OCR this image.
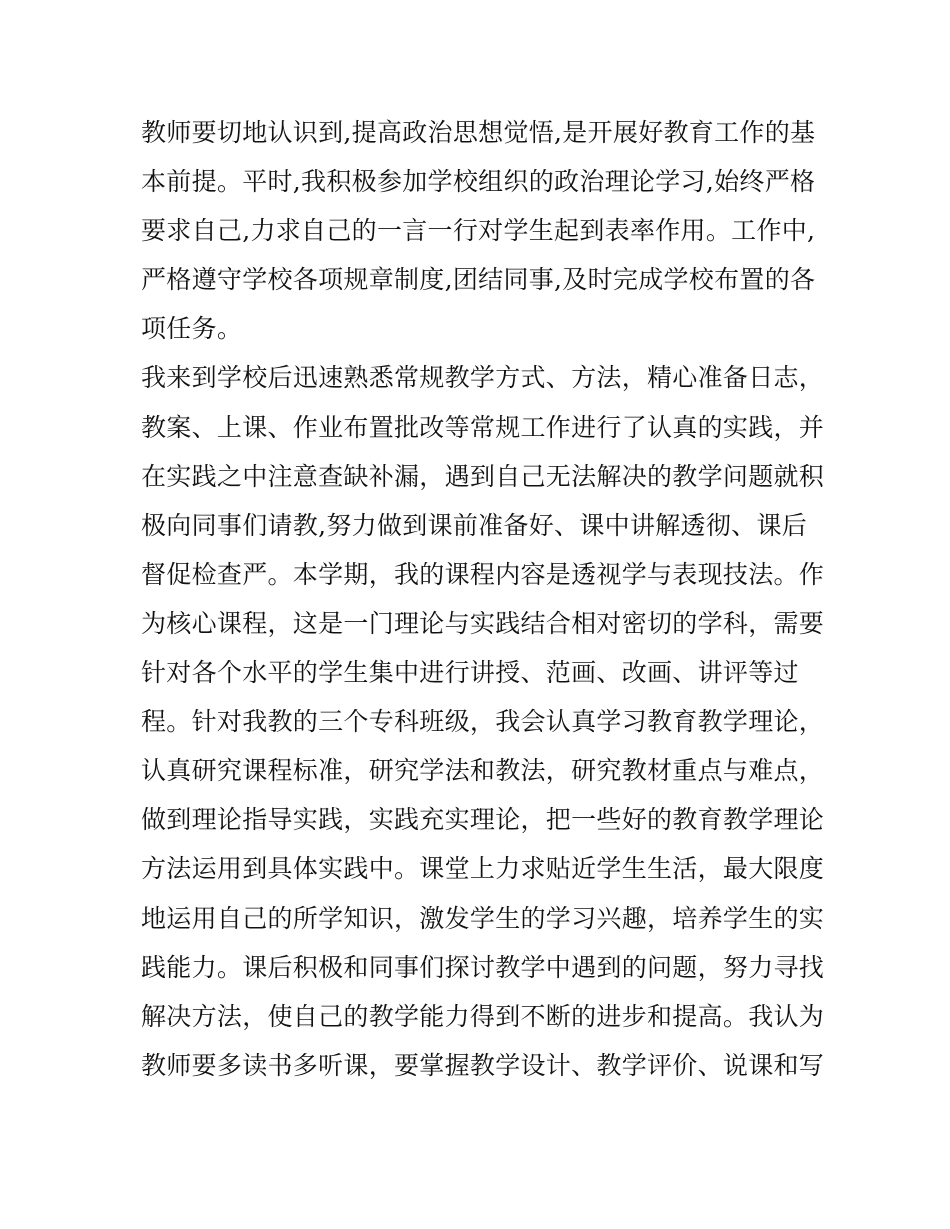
教师要切地认识到,提高政治思想觉悟,是开展好教育工作的基
本前提。平时,我积极参加学校组织的政治理论学习,始终严格
要求自己,力求自己的一言一行对学生起到表率作用。工作中,
严格遵守学校各项规章制度,团结同事,及时完成学校布置的各
项任务。
我来到学校后迅速熟悉常规教学方式、方法，精心准备日志，
教案、上课、作业布置批改等常规工作进行了认真的实践，并
在实践之中注意查缺补漏，遇到自己无法解决的教学问题就积
极向同事们请教,努力做到课前准备好、课中讲解透彻、课后
督促检查严。本学期，我的课程内容是透视学与表现技法。作
为核心课程，这是一门理论与实践结合相对密切的学科，需要
针对各个水平的学生集中进行讲授、范画、改画、讲评等过
程。针对我教的三个专科班级，我会认真学习教育教学理论，
认真研究课程标准，研究学法和教法，研究教材重点与难点，
做到理论指导实践，实践充实理论，把一些好的教育教学理论
方法运用到具体实践中。课堂上力求贴近学生生活，最大限度
地运用自己的所学知识，激发学生的学习兴趣，培养学生的实
践能力。课后积极和同事们探讨教学中遇到的问题，努力寻找
解决方法，使自己的教学能力得到不断的进步和提高。我认为
教师要多读书多听课，要掌握教学设计、教学评价、说课和写
